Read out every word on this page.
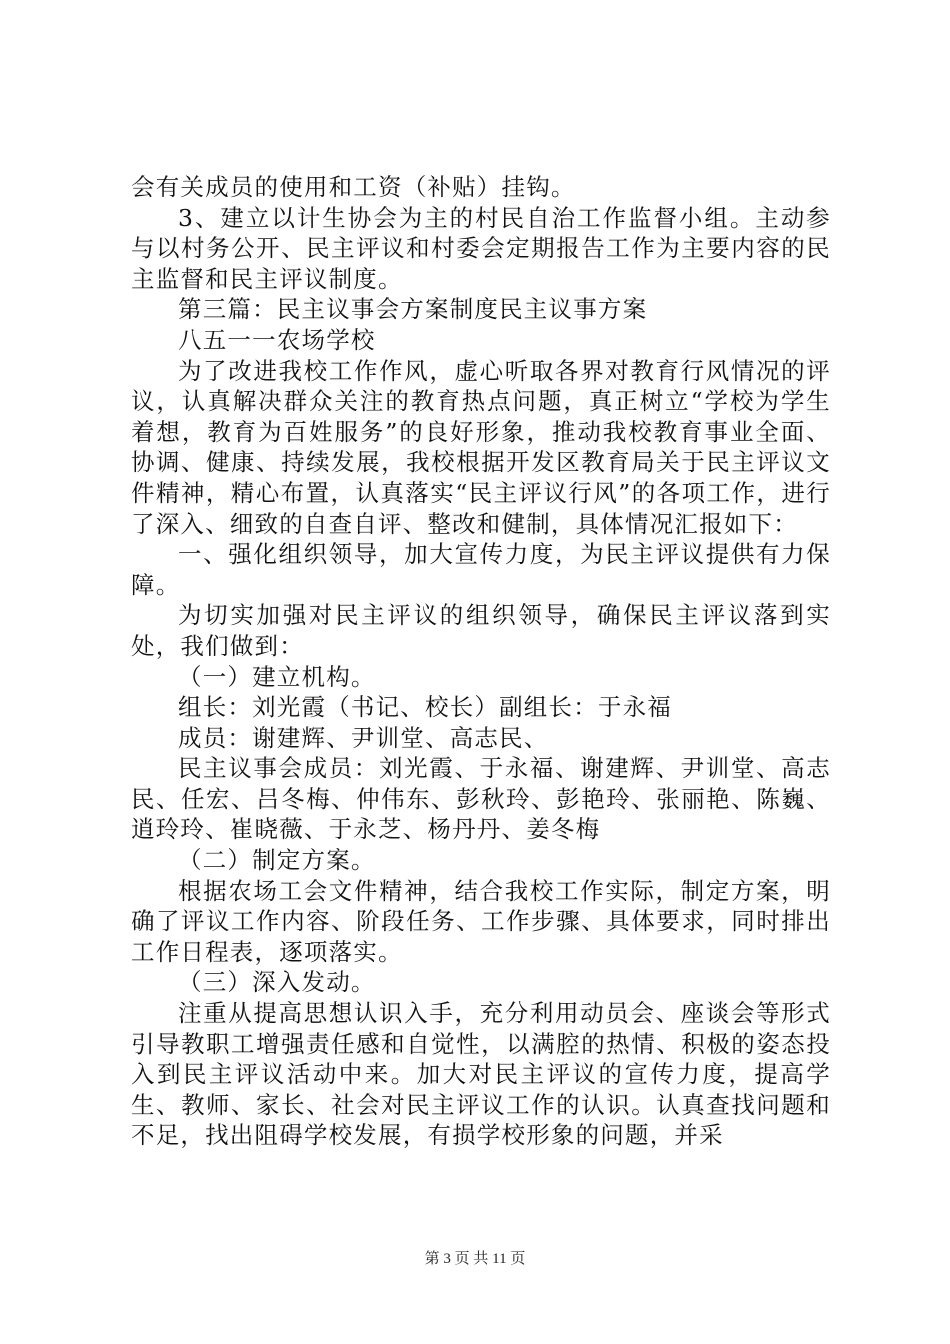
会有关成员的使用和工资（补贴）挂钩。

3、建立以计生协会为主的村民自治工作监督小组。主动参与以村务公开、民主评议和村委会定期报告工作为主要内容的民主监督和民主评议制度。

第三篇：民主议事会方案制度民主议事方案

八五一一农场学校

为了改进我校工作作风，虚心听取各界对教育行风情况的评议，认真解决群众关注的教育热点问题，真正树立“学校为学生着想，教育为百姓服务”的良好形象，推动我校教育事业全面、协调、健康、持续发展，我校根据开发区教育局关于民主评议文件精神，精心布置，认真落实“民主评议行风”的各项工作，进行了深入、细致的自查自评、整改和健制，具体情况汇报如下：

一、强化组织领导，加大宣传力度，为民主评议提供有力保障。

为切实加强对民主评议的组织领导，确保民主评议落到实处，我们做到：

（一）建立机构。

组长：刘光霞（书记、校长）副组长：于永福

成员：谢建辉、尹训堂、高志民、

民主议事会成员：刘光霞、于永福、谢建辉、尹训堂、高志民、任宏、吕冬梅、仲伟东、彭秋玲、彭艳玲、张丽艳、陈巍、逍玲玲、崔晓薇、于永芝、杨丹丹、姜冬梅

（二）制定方案。

根据农场工会文件精神，结合我校工作实际，制定方案，明确了评议工作内容、阶段任务、工作步骤、具体要求，同时排出工作日程表，逐项落实。

（三）深入发动。

注重从提高思想认识入手，充分利用动员会、座谈会等形式引导教职工增强责任感和自觉性，以满腔的热情、积极的姿态投入到民主评议活动中来。加大对民主评议的宣传力度，提高学生、教师、家长、社会对民主评议工作的认识。认真查找问题和不足，找出阻碍学校发展，有损学校形象的问题，并采

第 3 页 共 11 页
